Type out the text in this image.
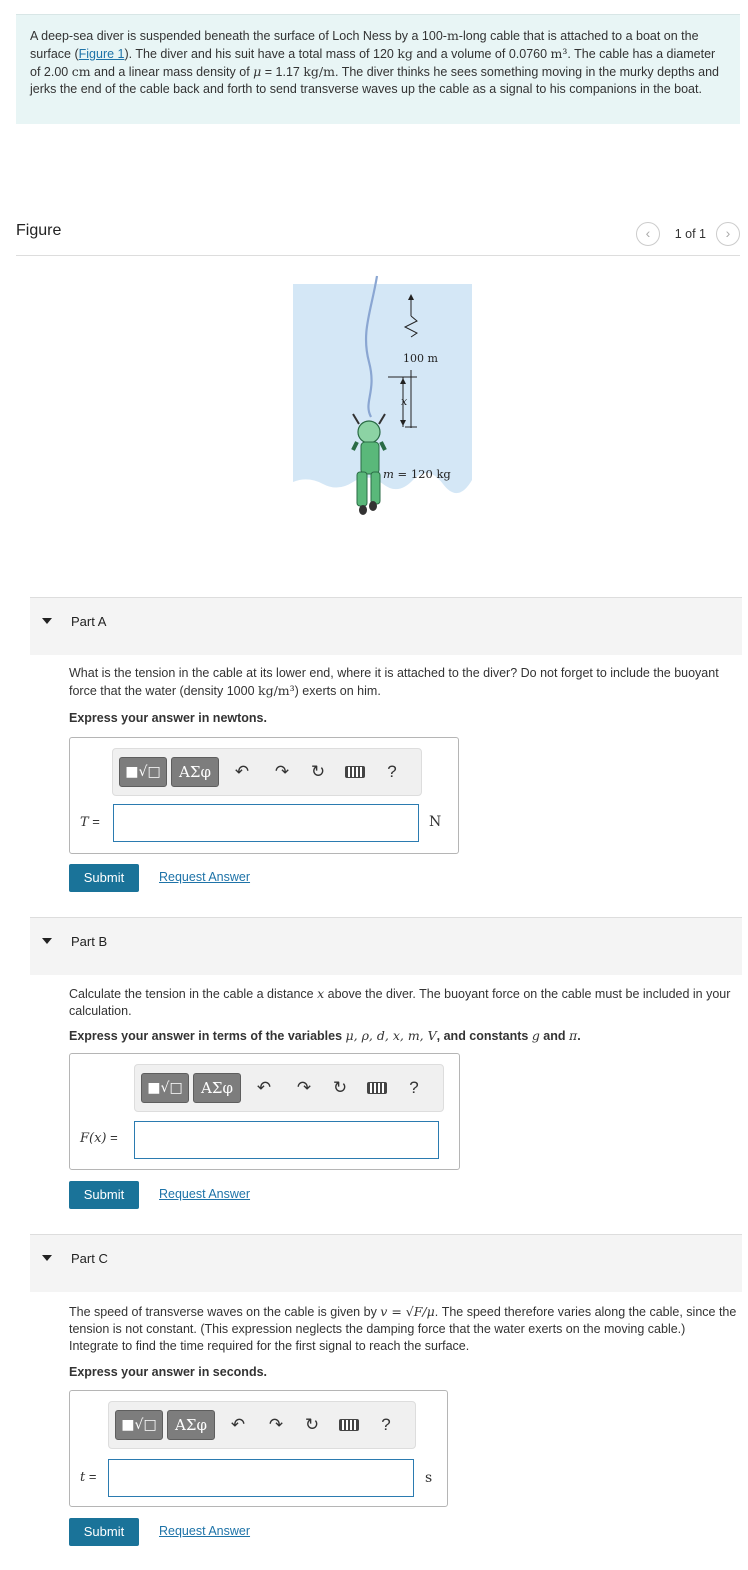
A deep-sea diver is suspended beneath the surface of Loch Ness by a 100-m-long cable that is attached to a boat on the surface (Figure 1). The diver and his suit have a total mass of 120 kg and a volume of 0.0760 m³. The cable has a diameter of 2.00 cm and a linear mass density of μ = 1.17 kg/m. The diver thinks he sees something moving in the murky depths and jerks the end of the cable back and forth to send transverse waves up the cable as a signal to his companions in the boat.
Figure	‹	1 of 1	›
100 m
x
m = 120 kg
Part A
What is the tension in the cable at its lower end, where it is attached to the diver? Do not forget to include the buoyant force that the water (density 1000 kg/m³) exerts on him.
Express your answer in newtons.
■√□	ΑΣφ	↶	↷	↻	?
T =	N
Submit	Request Answer
Part B
Calculate the tension in the cable a distance x above the diver. The buoyant force on the cable must be included in your calculation.
Express your answer in terms of the variables μ, ρ, d, x, m, V, and constants g and π.
■√□	ΑΣφ	↶	↷	↻	?
F(x) =
Submit	Request Answer
Part C
The speed of transverse waves on the cable is given by v = √F/μ. The speed therefore varies along the cable, since the tension is not constant. (This expression neglects the damping force that the water exerts on the moving cable.) Integrate to find the time required for the first signal to reach the surface.
Express your answer in seconds.
■√□	ΑΣφ	↶	↷	↻	?
t =	s
Submit	Request Answer
